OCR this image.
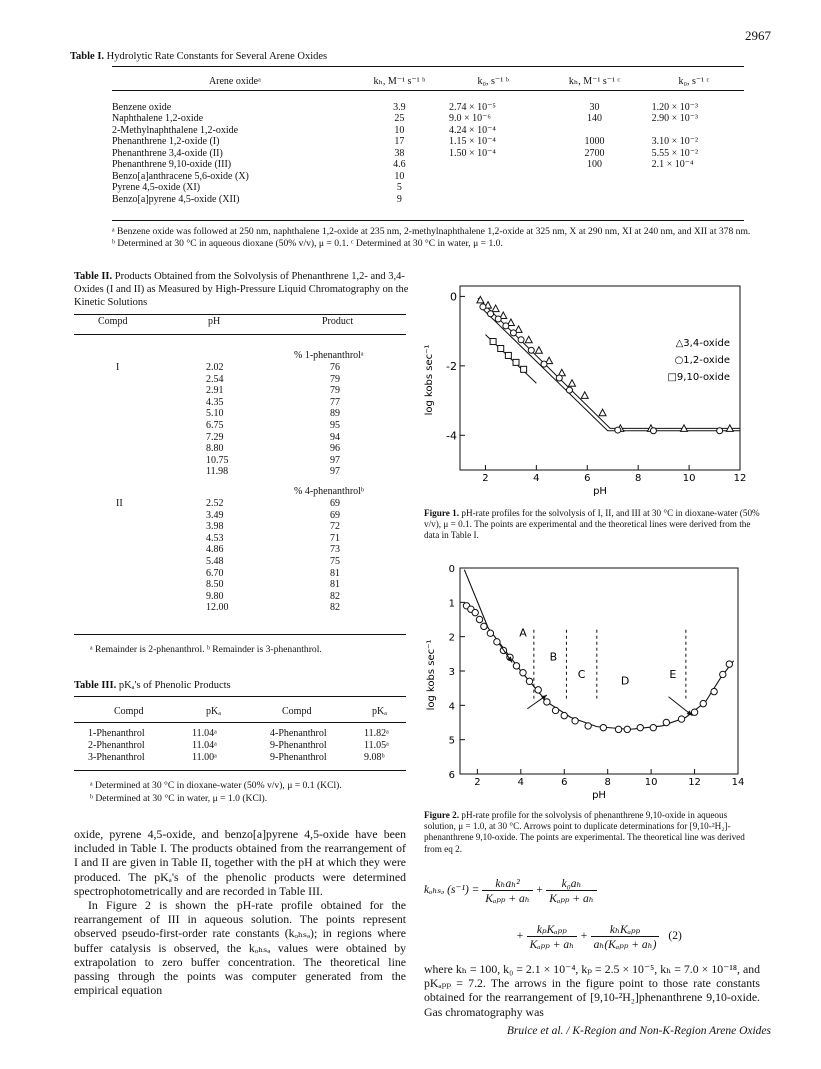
2967
Table I. Hydrolytic Rate Constants for Several Arene Oxides
Arene oxideᵃ	kₕ, M⁻¹ s⁻¹ ᵇ	k₀, s⁻¹ ᵇ	kₕ, M⁻¹ s⁻¹ ᶜ	k₀, s⁻¹ ᶜ
Benzene oxide	3.9	2.74 × 10⁻⁵	30	1.20 × 10⁻³
Naphthalene 1,2-oxide	25	9.0 × 10⁻⁶	140	2.90 × 10⁻³
2-Methylnaphthalene 1,2-oxide	10	4.24 × 10⁻⁴		
Phenanthrene 1,2-oxide (I)	17	1.15 × 10⁻⁴	1000	3.10 × 10⁻²
Phenanthrene 3,4-oxide (II)	38	1.50 × 10⁻⁴	2700	5.55 × 10⁻²
Phenanthrene 9,10-oxide (III)	4.6		100	2.1 × 10⁻⁴
Benzo[a]anthracene 5,6-oxide (X)	10			
Pyrene 4,5-oxide (XI)	5			
Benzo[a]pyrene 4,5-oxide (XII)	9			
ᵃ Benzene oxide was followed at 250 nm, naphthalene 1,2-oxide at 235 nm, 2-methylnaphthalene 1,2-oxide at 325 nm, X at 290 nm, XI at 240 nm, and XII at 378 nm. ᵇ Determined at 30 °C in aqueous dioxane (50% v/v), μ = 0.1. ᶜ Determined at 30 °C in water, μ = 1.0.
Table II. Products Obtained from the Solvolysis of Phenanthrene 1,2- and 3,4-Oxides (I and II) as Measured by High-Pressure Liquid Chromatography on the Kinetic Solutions
Compd	pH	Product
% 1-phenanthrolᵃ
I	2.02	76
2.54	79
2.91	79
4.35	77
5.10	89
6.75	95
7.29	94
8.80	96
10.75	97
11.98	97
% 4-phenanthrolᵇ
II	2.52	69
3.49	69
3.98	72
4.53	71
4.86	73
5.48	75
6.70	81
8.50	81
9.80	82
12.00	82
ᵃ Remainder is 2-phenanthrol. ᵇ Remainder is 3-phenanthrol.
Table III. pKₐ's of Phenolic Products
Compd	pKₐ	Compd	pKₐ
1-Phenanthrol	11.04ᵃ	4-Phenanthrol	11.82ᵃ
2-Phenanthrol	11.04ᵃ	9-Phenanthrol	11.05ᵃ
3-Phenanthrol	11.00ᵃ	9-Phenanthrol	9.08ᵇ
ᵃ Determined at 30 °C in dioxane-water (50% v/v), μ = 0.1 (KCl).
ᵇ Determined at 30 °C in water, μ = 1.0 (KCl).
oxide, pyrene 4,5-oxide, and benzo[a]pyrene 4,5-oxide have been included in Table I. The products obtained from the rearrangement of I and II are given in Table II, together with the pH at which they were produced. The pKₐ's of the phenolic products were determined spectrophotometrically and are recorded in Table III.
In Figure 2 is shown the pH-rate profile obtained for the rearrangement of III in aqueous solution. The points represent observed pseudo-first-order rate constants (kₒₕₛₔ); in regions where buffer catalysis is observed, the kₒₕₛₔ values were obtained by extrapolation to zero buffer concentration. The theoretical line passing through the points was computer generated from the empirical equation
2	4	6	8	10	12
0
-2
-4
pH
log kobs sec⁻¹
△3,4-oxide
○1,2-oxide
□9,10-oxide
Figure 1. pH-rate profiles for the solvolysis of I, II, and III at 30 °C in dioxane-water (50% v/v), μ = 0.1. The points are experimental and the theoretical lines were derived from the data in Table I.
2	4	6	8	10	12	14
0
1
2
3
4
5
6
pH
log kobs sec⁻¹
A
B
C
D
E
Figure 2. pH-rate profile for the solvolysis of phenanthrene 9,10-oxide in aqueous solution, μ = 1.0, at 30 °C. Arrows point to duplicate determinations for [9,10-²H₂]-phenanthrene 9,10-oxide. The points are experimental. The theoretical line was derived from eq 2.
kₒₕₛₔ $(s^{-1}) = \frac{\text{kₕaₕ²}}{\text{Kₐₚₚ + aₕ}} + \frac{\text{k₀aₕ}}{\text{Kₐₚₚ + aₕ}}$
+ $\frac{\text{kₚKₐₚₚ}}{\text{Kₐₚₚ + aₕ}} + \frac{\text{kₕKₐₚₚ}}{\text{aₕ(Kₐₚₚ + aₕ)}} (2)$
where kₕ = 100, k₀ = 2.1 × 10⁻⁴, kₚ = 2.5 × 10⁻⁵, kₕ = 7.0 × 10⁻¹⁸, and pKₐₚₚ = 7.2. The arrows in the figure point to those rate constants obtained for the rearrangement of [9,10-²H₂]phenanthrene 9,10-oxide. Gas chromatography was
Bruice et al. / K-Region and Non-K-Region Arene Oxides
